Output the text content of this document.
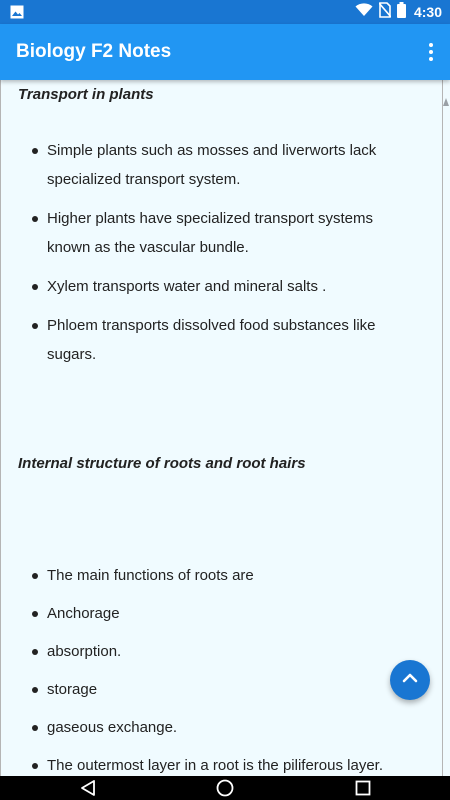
4:30
Biology F2 Notes
Transport in plants
Simple plants such as mosses and liverworts lack specialized transport system.
Higher plants have specialized transport systems known as the vascular bundle.
Xylem transports water and mineral salts .
Phloem transports dissolved food substances like sugars.
Internal structure of roots and root hairs
The main functions of roots are
Anchorage
absorption.
storage
gaseous exchange.
The outermost layer in a root is the piliferous layer.
